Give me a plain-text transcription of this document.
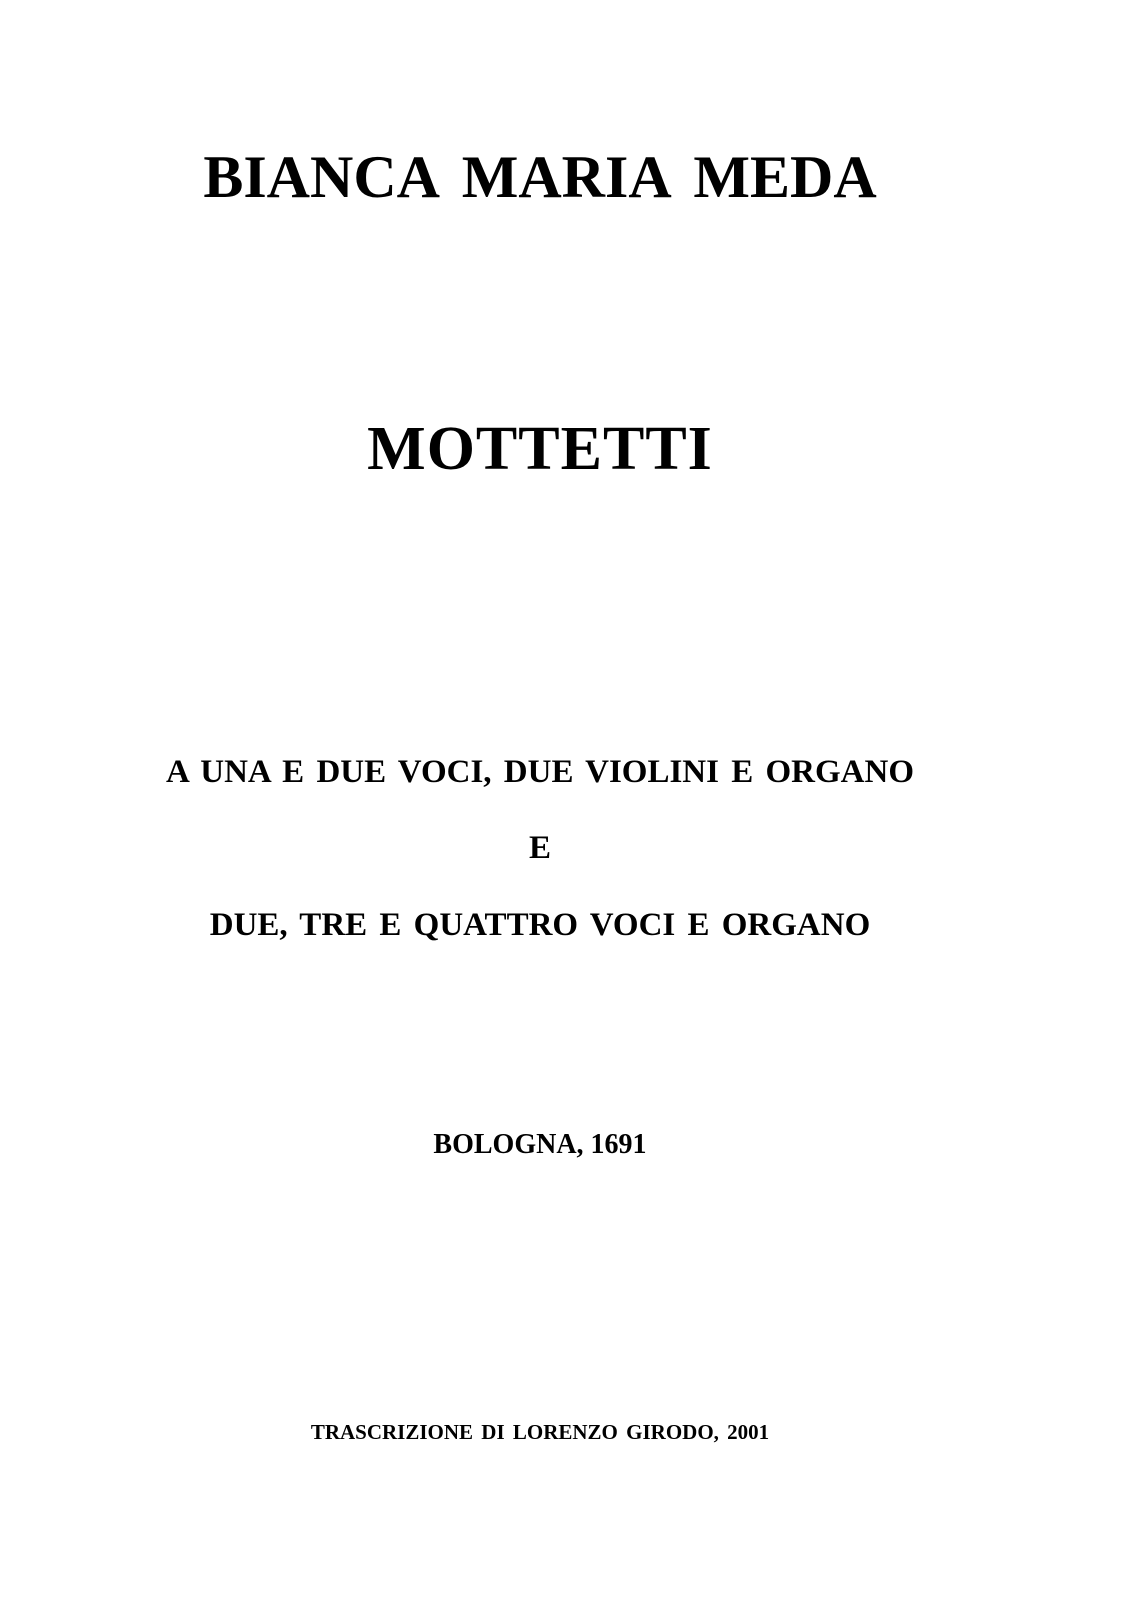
BIANCA MARIA MEDA
MOTTETTI
A UNA E DUE VOCI, DUE VIOLINI E ORGANO
E
DUE, TRE E QUATTRO VOCI E ORGANO
BOLOGNA, 1691
TRASCRIZIONE DI LORENZO GIRODO, 2001
